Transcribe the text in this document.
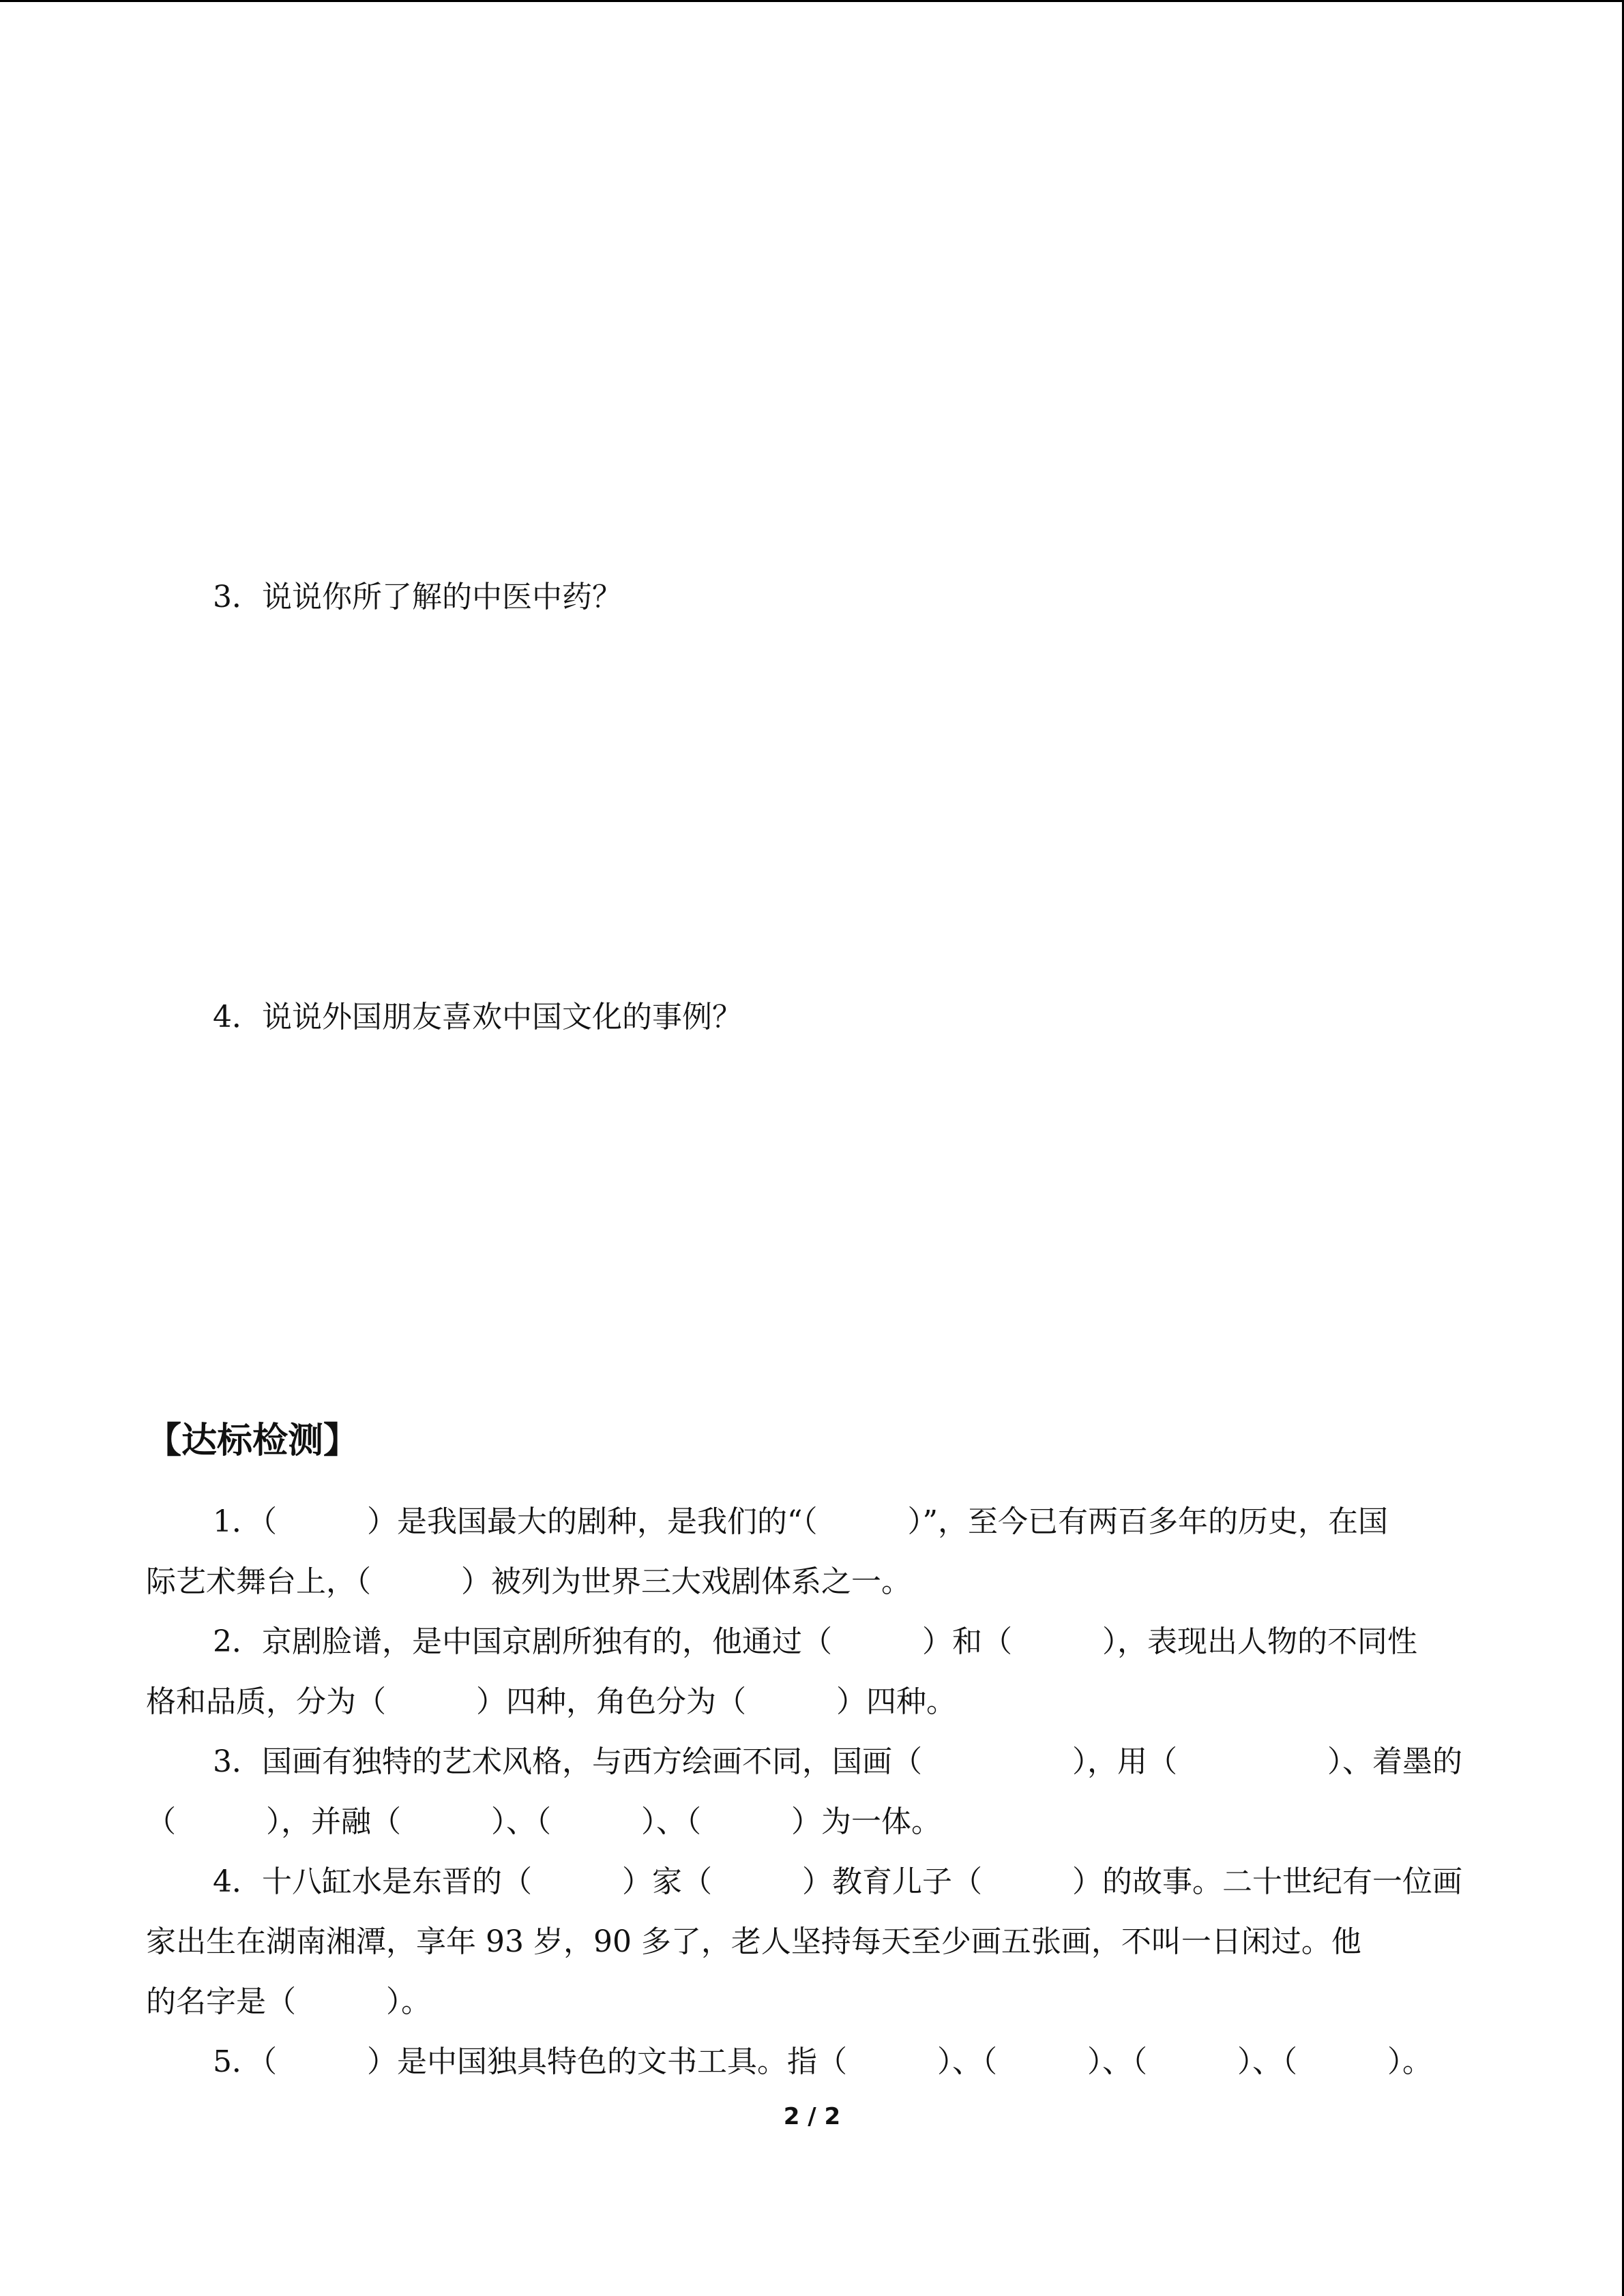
3．说说你所了解的中医中药？
4．说说外国朋友喜欢中国文化的事例？
【达标检测】
1．（　　　）是我国最大的剧种，是我们的“（　　　）”，至今已有两百多年的历史，在国
际艺术舞台上，（　　　）被列为世界三大戏剧体系之一。
2．京剧脸谱，是中国京剧所独有的，他通过（　　　）和（　　　），表现出人物的不同性
格和品质，分为（　　　）四种，角色分为（　　　）四种。
3．国画有独特的艺术风格，与西方绘画不同，国画（　　　　　），用（　　　　　）、着墨的
（　　　），并融（　　　）、（　　　）、（　　　）为一体。
4．十八缸水是东晋的（　　　）家（　　　）教育儿子（　　　）的故事。二十世纪有一位画
家出生在湖南湘潭，享年 93 岁，90 多了，老人坚持每天至少画五张画，不叫一日闲过。他
的名字是（　　　）。
5．（　　　）是中国独具特色的文书工具。指（　　　）、（　　　）、（　　　）、（　　　）。
2 / 2
